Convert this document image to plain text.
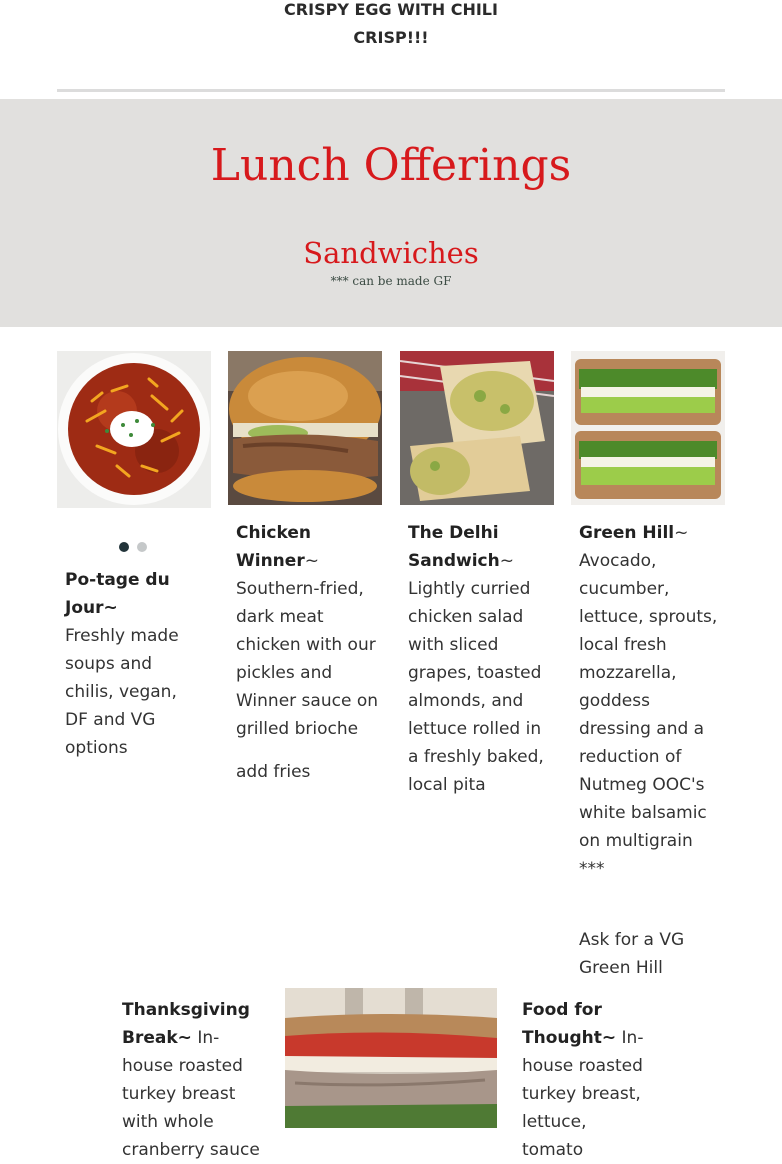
CRISPY EGG WITH CHILI
CRISP!!!
Lunch Offerings
Sandwiches
*** can be made GF

Po-tage du Jour~
Freshly made soups and chilis, vegan, DF and VG options

Chicken Winner~
Southern-fried, dark meat chicken with our pickles and Winner sauce on grilled brioche

add fries

The Delhi Sandwich~
Lightly curried chicken salad with sliced grapes, toasted almonds, and lettuce rolled in a freshly baked, local pita

Green Hill~
Avocado, cucumber, lettuce, sprouts, local fresh mozzarella, goddess dressing and a reduction of Nutmeg OOC's white balsamic on multigrain ***

Ask for a VG Green Hill

Thanksgiving Break~ In-house roasted turkey breast with whole cranberry sauce

Food for Thought~ In-house roasted turkey breast, lettuce, tomato
